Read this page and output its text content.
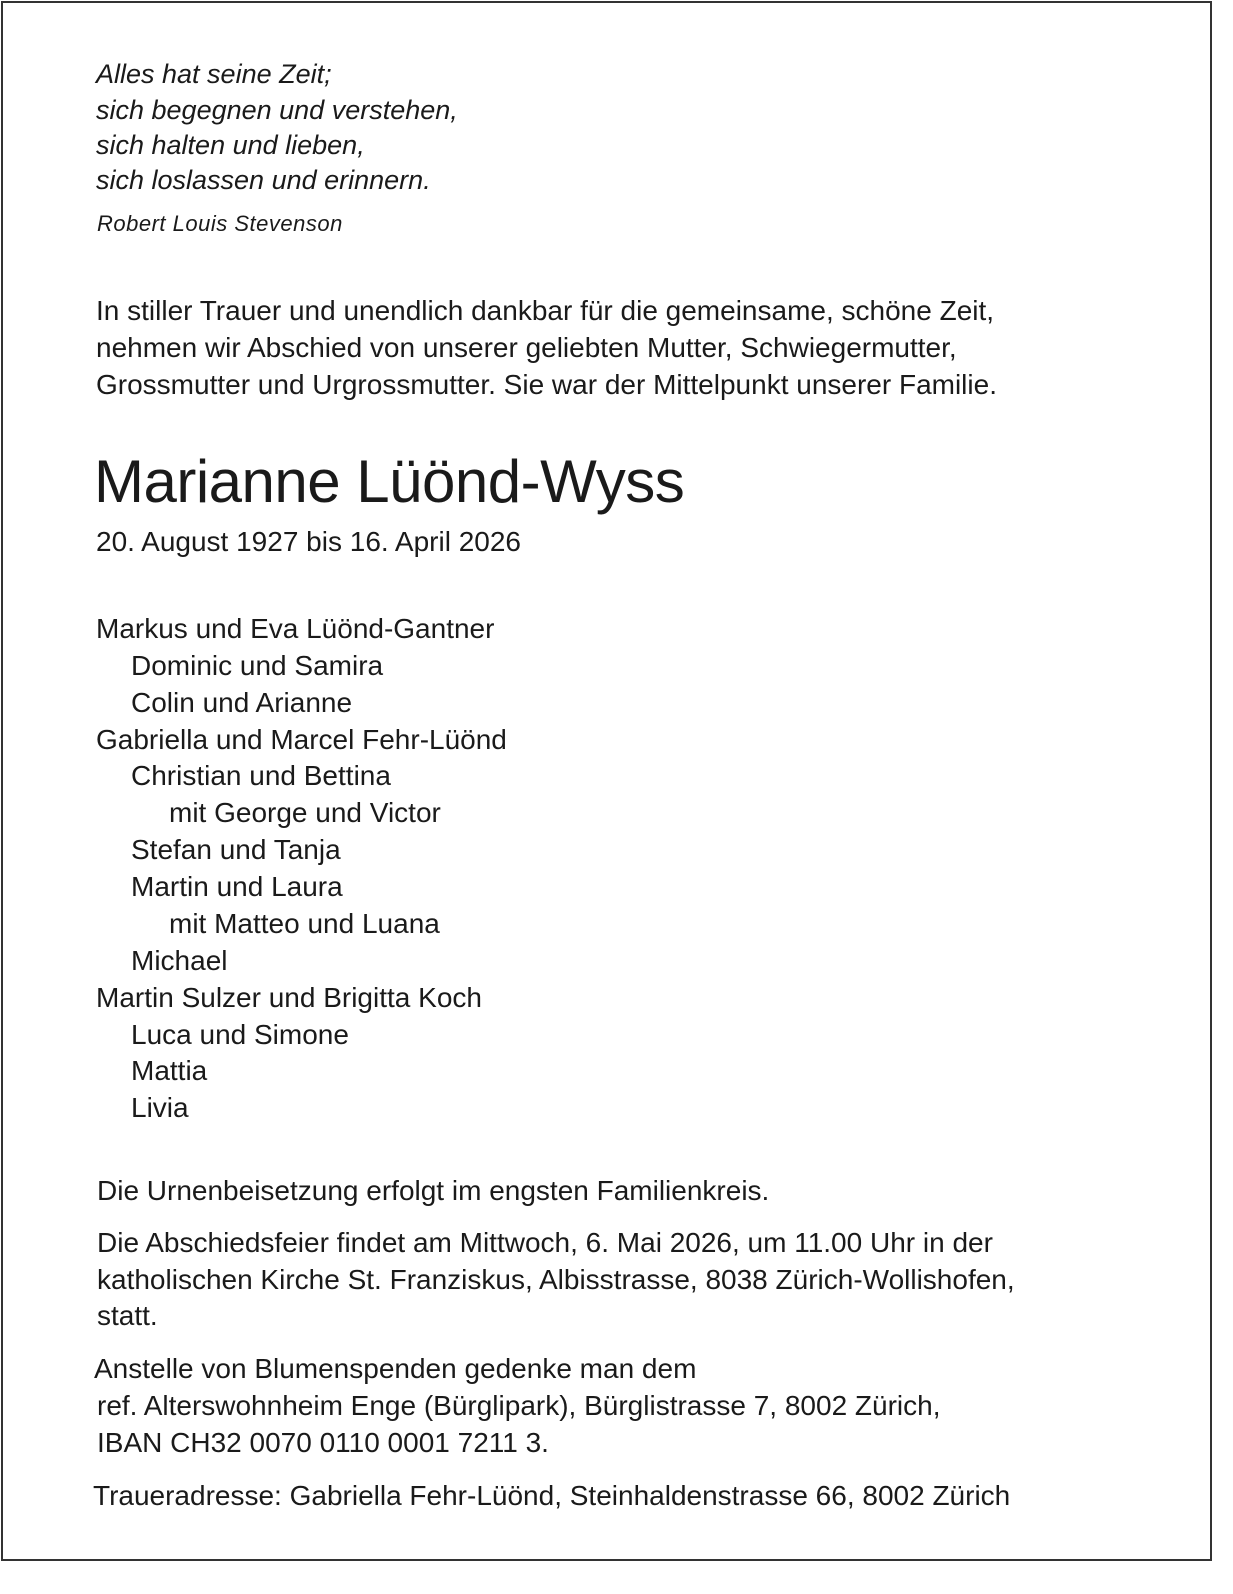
Alles hat seine Zeit;

sich begegnen und verstehen,

sich halten und lieben,

sich loslassen und erinnern.

Robert Louis Stevenson

In stiller Trauer und unendlich dankbar für die gemeinsame, schöne Zeit,

nehmen wir Abschied von unserer geliebten Mutter, Schwiegermutter,

Grossmutter und Urgrossmutter. Sie war der Mittelpunkt unserer Familie.

Marianne Lüönd-Wyss

20. August 1927 bis 16. April 2026

Markus und Eva Lüönd-Gantner

Dominic und Samira

Colin und Arianne

Gabriella und Marcel Fehr-Lüönd

Christian und Bettina

mit George und Victor

Stefan und Tanja

Martin und Laura

mit Matteo und Luana

Michael

Martin Sulzer und Brigitta Koch

Luca und Simone

Mattia

Livia

Die Urnenbeisetzung erfolgt im engsten Familienkreis.

Die Abschiedsfeier findet am Mittwoch, 6. Mai 2026, um 11.00 Uhr in der

katholischen Kirche St. Franziskus, Albisstrasse, 8038 Zürich-Wollishofen,

statt.

Anstelle von Blumenspenden gedenke man dem

ref. Alterswohnheim Enge (Bürglipark), Bürglistrasse 7, 8002 Zürich,

IBAN CH32 0070 0110 0001 7211 3.

Traueradresse: Gabriella Fehr-Lüönd, Steinhaldenstrasse 66, 8002 Zürich
